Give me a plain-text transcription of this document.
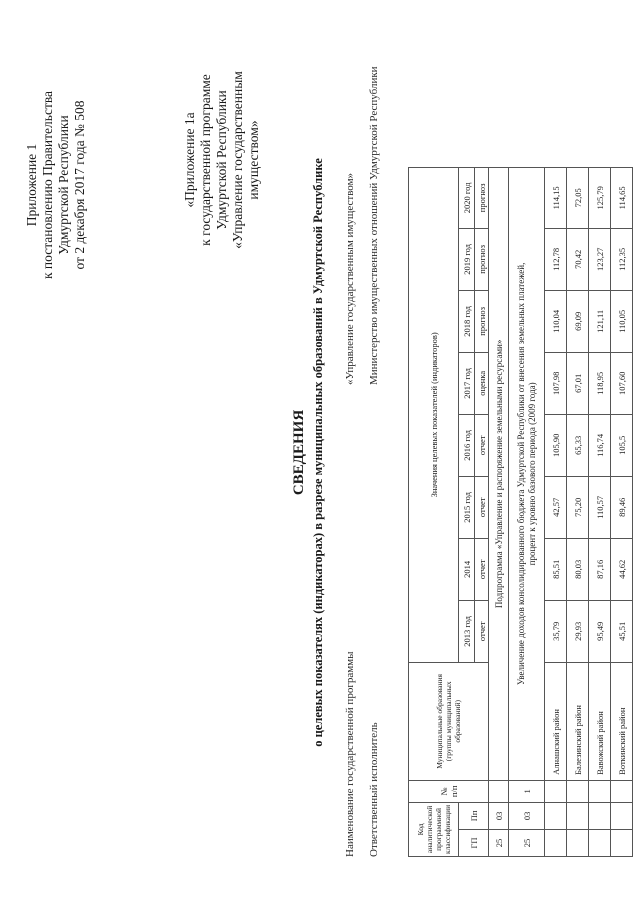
Приложение 1 к постановлению Правительства Удмуртской Республики от 2 декабря 2017 года № 508	«Приложение 1а к государственной программе Удмуртской Республики «Управление государственным имуществом»
СВЕДЕНИЯ о целевых показателях (индикаторах) в разрезе муниципальных образований в Удмуртской Республике
Наименование государственной программы
«Управление государственным имуществом»
Ответственный исполнитель
Министерство имущественных отношений Удмуртской Республики
Код аналитической программной классификации		№ п/п	Муниципальные образования (группы муниципальных образований)	Значения целевых показателей (индикаторов)							
ГП	Пп			2013 год	2014	2015 год	2016 год	2017 год	2018 год	2019 год	2020 год
				отчет	отчет	отчет	отчет	оценка	прогноз	прогноз	прогноз
25	03		Подпрограмма «Управление и распоряжение земельными ресурсами»								
25	03	1	Увеличение доходов консолидированного бюджета Удмуртской Республики от внесения земельных платежей, процент к уровню базового периода (2009 года)								

			Алнашский район	35,79	85,51	42,57	105,90	107,98	110,04	112,78	114,15
			Балезинский район	29,93	80,03	75,20	65,33	67,01	69,09	70,42	72,05
			Вавожский район	95,49	87,16	110,57	116,74	118,95	121,11	123,27	125,79
			Воткинский район	45,51	44,62	89,46	105,5	107,60	110,05	112,35	114,65
